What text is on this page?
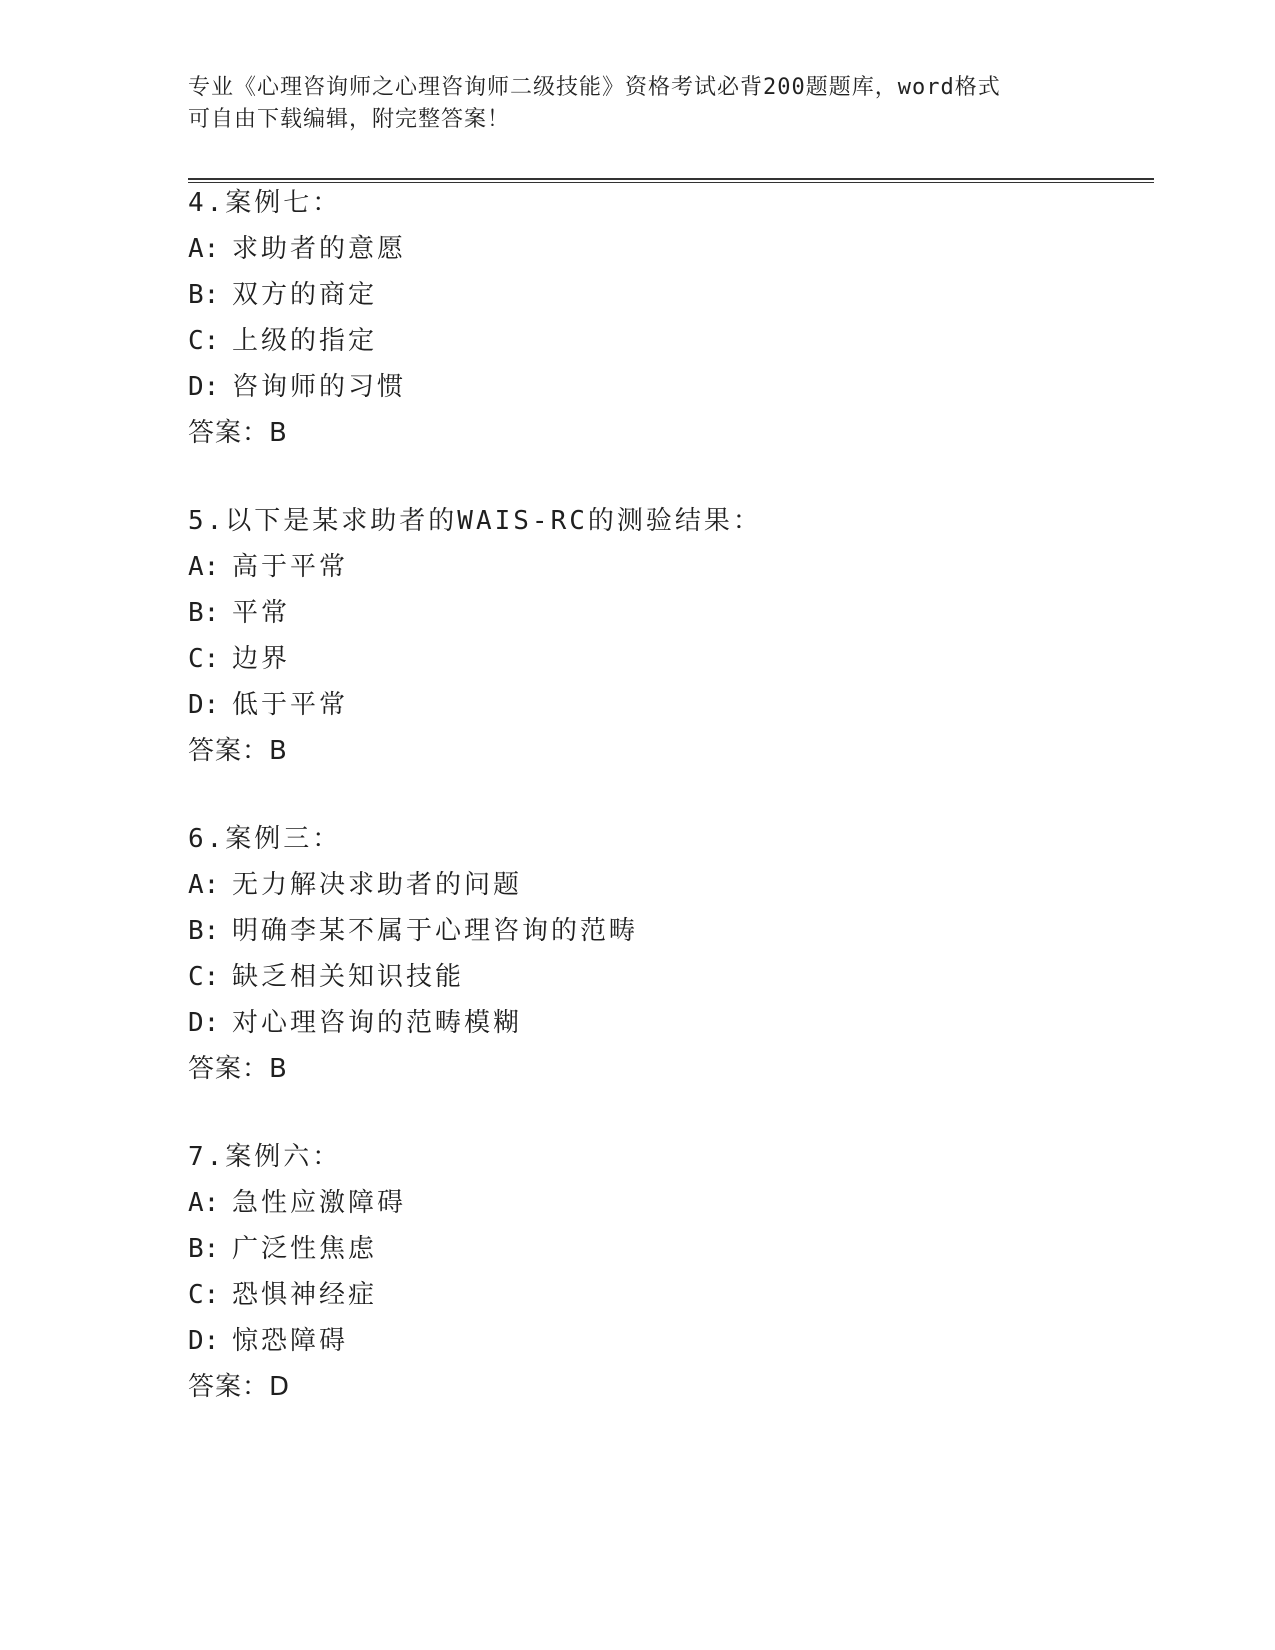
专业《心理咨询师之心理咨询师二级技能》资格考试必背200题题库，word格式
可自由下载编辑，附完整答案！
4.案例七：
A: 求助者的意愿
B: 双方的商定
C: 上级的指定
D: 咨询师的习惯
答案：B
5.以下是某求助者的WAIS-RC的测验结果：
A: 高于平常
B: 平常
C: 边界
D: 低于平常
答案：B
6.案例三：
A: 无力解决求助者的问题
B: 明确李某不属于心理咨询的范畴
C: 缺乏相关知识技能
D: 对心理咨询的范畴模糊
答案：B
7.案例六：
A: 急性应激障碍
B: 广泛性焦虑
C: 恐惧神经症
D: 惊恐障碍
答案：D
